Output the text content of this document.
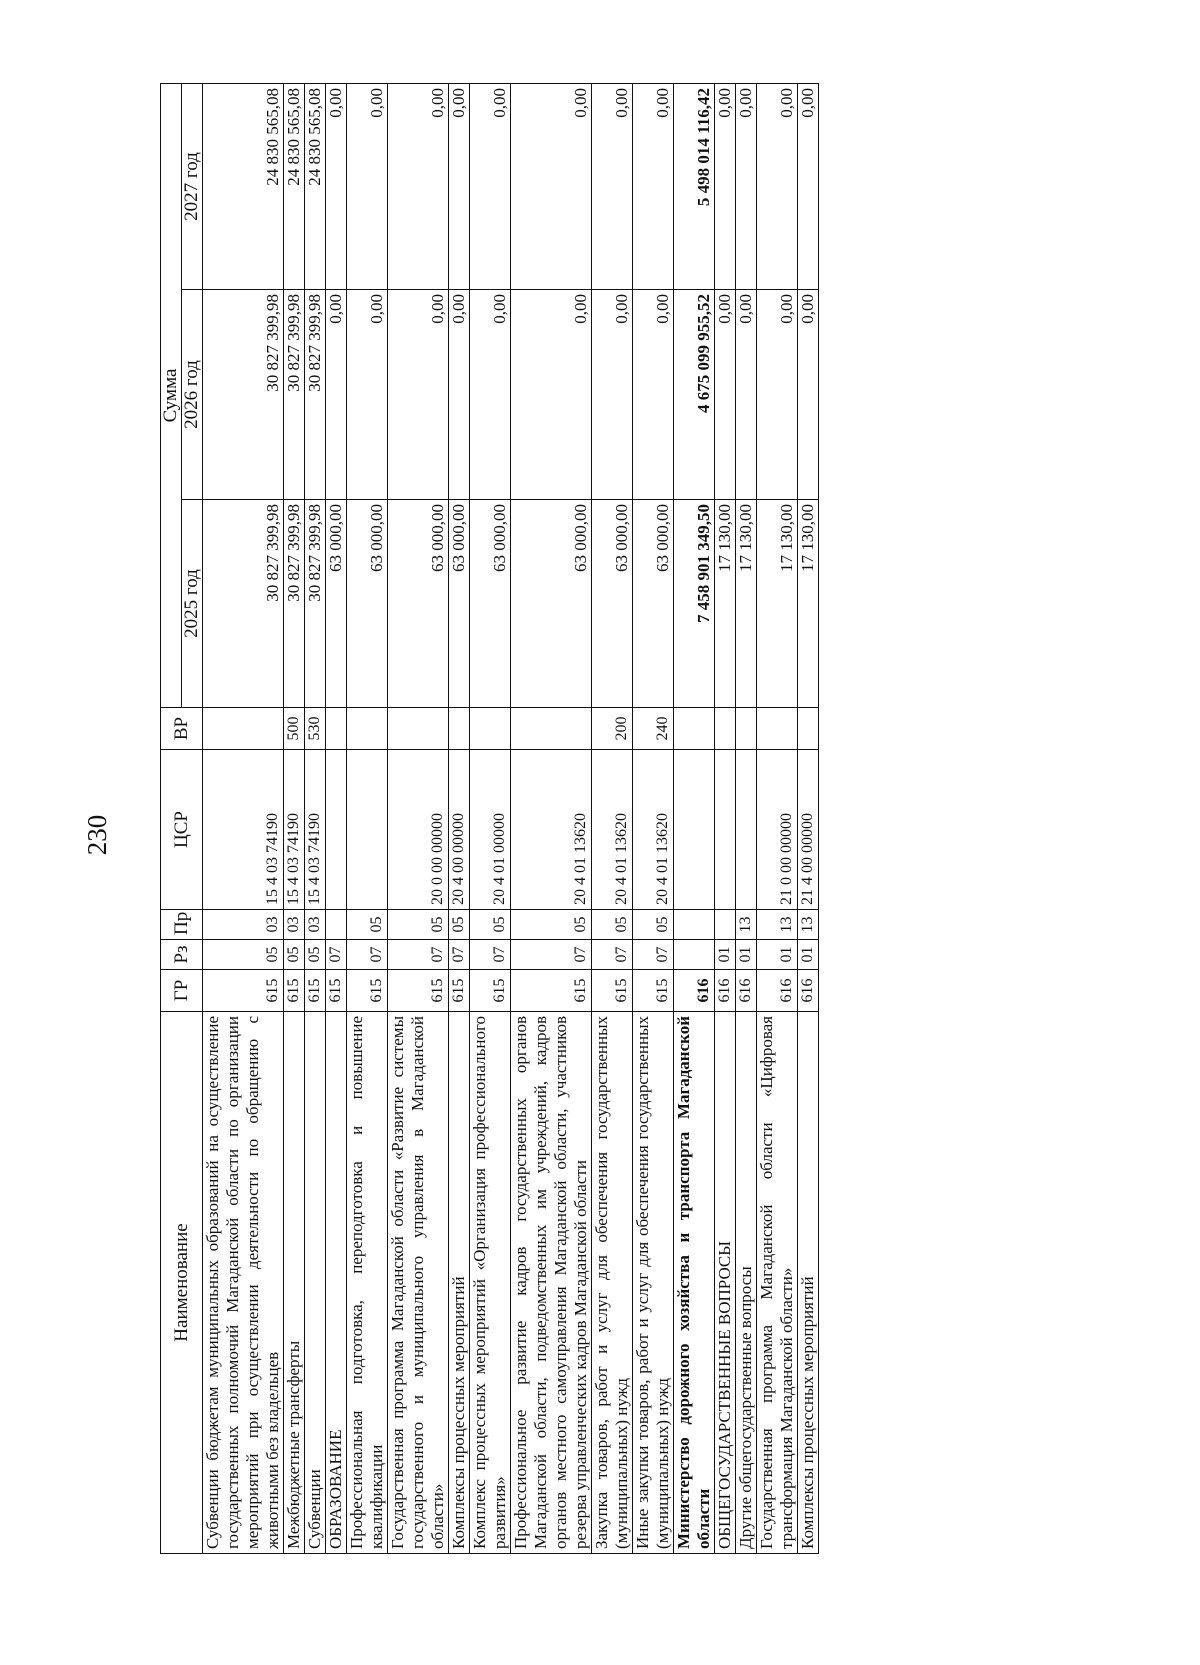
230
Наименование	ГР	Рз	Пр	ЦСР	ВР	Сумма		
						2025 год	2026 год	2027 год
Субвенции бюджетам муниципальных образований на осуществление государственных полномочий Магаданской области по организации мероприятий при осуществлении деятельности по обращению с животными без владельцев	615	05	03	15 4 03 74190		30 827 399,98	30 827 399,98	24 830 565,08
Межбюджетные трансферты	615	05	03	15 4 03 74190	500	30 827 399,98	30 827 399,98	24 830 565,08
Субвенции	615	05	03	15 4 03 74190	530	30 827 399,98	30 827 399,98	24 830 565,08
ОБРАЗОВАНИЕ	615	07				63 000,00	0,00	0,00
Профессиональная подготовка, переподготовка и повышение квалификации	615	07	05			63 000,00	0,00	0,00
Государственная программа Магаданской области «Развитие системы государственного и муниципального управления в Магаданской области»	615	07	05	20 0 00 00000		63 000,00	0,00	0,00
Комплексы процессных мероприятий	615	07	05	20 4 00 00000		63 000,00	0,00	0,00
Комплекс процессных мероприятий «Организация профессионального развития»	615	07	05	20 4 01 00000		63 000,00	0,00	0,00
Профессиональное развитие кадров государственных органов Магаданской области, подведомственных им учреждений, кадров органов местного самоуправления Магаданской области, участников резерва управленческих кадров Магаданской области	615	07	05	20 4 01 13620		63 000,00	0,00	0,00
Закупка товаров, работ и услуг для обеспечения государственных (муниципальных) нужд	615	07	05	20 4 01 13620	200	63 000,00	0,00	0,00
Иные закупки товаров, работ и услуг для обеспечения государственных (муниципальных) нужд	615	07	05	20 4 01 13620	240	63 000,00	0,00	0,00
Министерство дорожного хозяйства и транспорта Магаданской области	616					7 458 901 349,50	4 675 099 955,52	5 498 014 116,42
ОБЩЕГОСУДАРСТВЕННЫЕ ВОПРОСЫ	616	01				17 130,00	0,00	0,00
Другие общегосударственные вопросы	616	01	13			17 130,00	0,00	0,00
Государственная программа Магаданской области «Цифровая трансформация Магаданской области»	616	01	13	21 0 00 00000		17 130,00	0,00	0,00
Комплексы процессных мероприятий	616	01	13	21 4 00 00000		17 130,00	0,00	0,00
